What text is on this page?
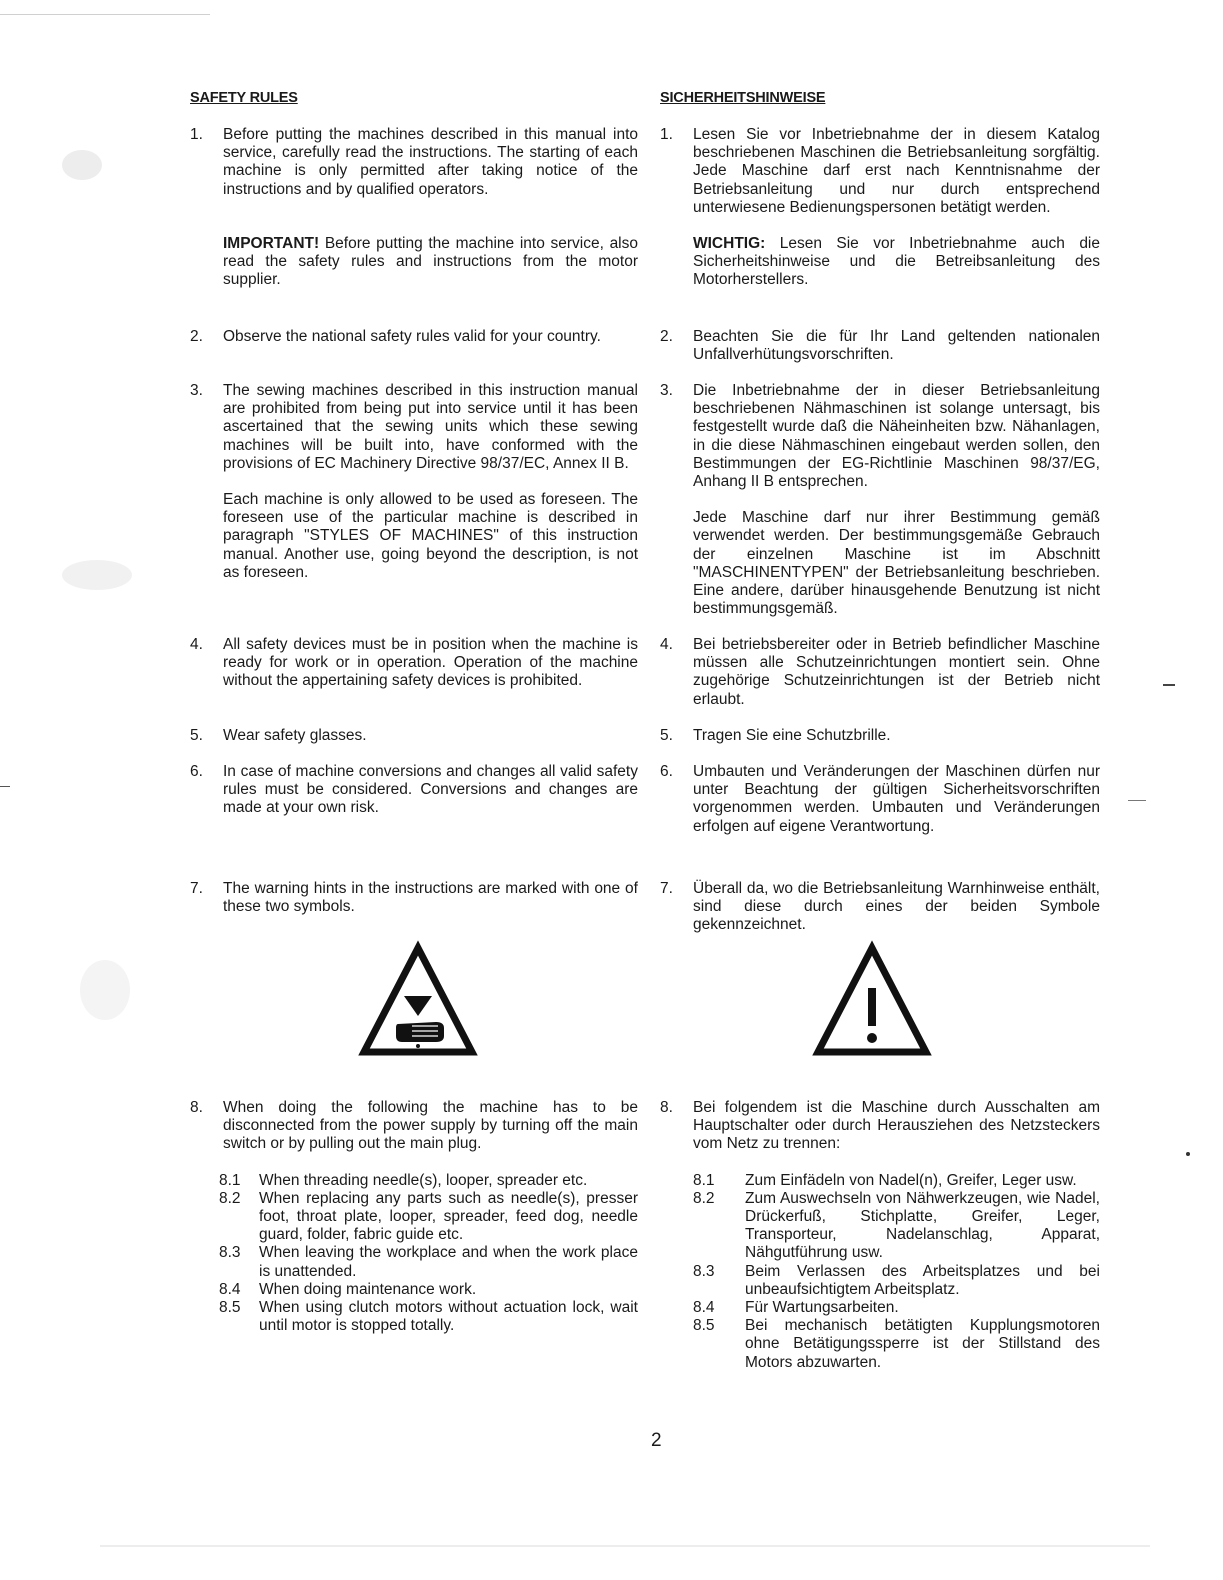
SAFETY RULES
1.	Before putting the machines described in this manual into service, carefully read the instructions. The starting of each machine is only permitted after taking notice of the instructions and by qualified operators.

IMPORTANT! Before putting the machine into service, also read the safety rules and instructions from the motor supplier.

2.	Observe the national safety rules valid for your country.

3.	The sewing machines described in this instruction manual are prohibited from being put into service until it has been ascertained that the sewing units which these sewing machines will be built into, have conformed with the provisions of EC Machinery Directive 98/37/EC, Annex II B.

Each machine is only allowed to be used as foreseen. The foreseen use of the particular machine is described in paragraph "STYLES OF MACHINES" of this instruction manual. Another use, going beyond the description, is not as foreseen.

4.	All safety devices must be in position when the machine is ready for work or in operation. Operation of the machine without the appertaining safety devices is prohibited.

5.	Wear safety glasses.

6.	In case of machine conversions and changes all valid safety rules must be considered. Conversions and changes are made at your own risk.

7.	The warning hints in the instructions are marked with one of these two symbols.

8.	When doing the following the machine has to be disconnected from the power supply by turning off the main switch or by pulling out the main plug.

8.1 When threading needle(s), looper, spreader etc.
8.2 When replacing any parts such as needle(s), presser foot, throat plate, looper, spreader, feed dog, needle guard, folder, fabric guide etc.
8.3 When leaving the workplace and when the work place is unattended.
8.4 When doing maintenance work.
8.5 When using clutch motors without actuation lock, wait until motor is stopped totally.
SICHERHEITSHINWEISE
1.	Lesen Sie vor Inbetriebnahme der in diesem Katalog beschriebenen Maschinen die Betriebsanleitung sorgfältig. Jede Maschine darf erst nach Kenntnisnahme der Betriebsanleitung und nur durch entsprechend unterwiesene Bedienungspersonen betätigt werden.

WICHTIG: Lesen Sie vor Inbetriebnahme auch die Sicherheitshinweise und die Betreibsanleitung des Motorherstellers.

2.	Beachten Sie die für Ihr Land geltenden nationalen Unfallverhütungsvorschriften.

3.	Die Inbetriebnahme der in dieser Betriebsanleitung beschriebenen Nähmaschinen ist solange untersagt, bis festgestellt wurde daß die Näheinheiten bzw. Nähanlagen, in die diese Nähmaschinen eingebaut werden sollen, den Bestimmungen der EG-Richtlinie Maschinen 98/37/EG, Anhang II B entsprechen.

Jede Maschine darf nur ihrer Bestimmung gemäß verwendet werden. Der bestimmungsgemäße Gebrauch der einzelnen Maschine ist im Abschnitt "MASCHINENTYPEN" der Betriebsanleitung beschrieben. Eine andere, darüber hinausgehende Benutzung ist nicht bestimmungsgemäß.

4.	Bei betriebsbereiter oder in Betrieb befindlicher Maschine müssen alle Schutzeinrichtungen montiert sein. Ohne zugehörige Schutzeinrichtungen ist der Betrieb nicht erlaubt.

5.	Tragen Sie eine Schutzbrille.

6.	Umbauten und Veränderungen der Maschinen dürfen nur unter Beachtung der gültigen Sicherheitsvorschriften vorgenommen werden. Umbauten und Veränderungen erfolgen auf eigene Verantwortung.

7.	Überall da, wo die Betriebsanleitung Warnhinweise enthält, sind diese durch eines der beiden Symbole gekennzeichnet.

8.	Bei folgendem ist die Maschine durch Ausschalten am Hauptschalter oder durch Herausziehen des Netzsteckers vom Netz zu trennen:

8.1 Zum Einfädeln von Nadel(n), Greifer, Leger usw.
8.2 Zum Auswechseln von Nähwerkzeugen, wie Nadel, Drückerfuß, Stichplatte, Greifer, Leger, Transporteur, Nadelanschlag, Apparat, Nähgutführung usw.
8.3 Beim Verlassen des Arbeitsplatzes und bei unbeaufsichtigtem Arbeitsplatz.
8.4 Für Wartungsarbeiten.
8.5 Bei mechanisch betätigten Kupplungsmotoren ohne Betätigungssperre ist der Stillstand des Motors abzuwarten.
2
